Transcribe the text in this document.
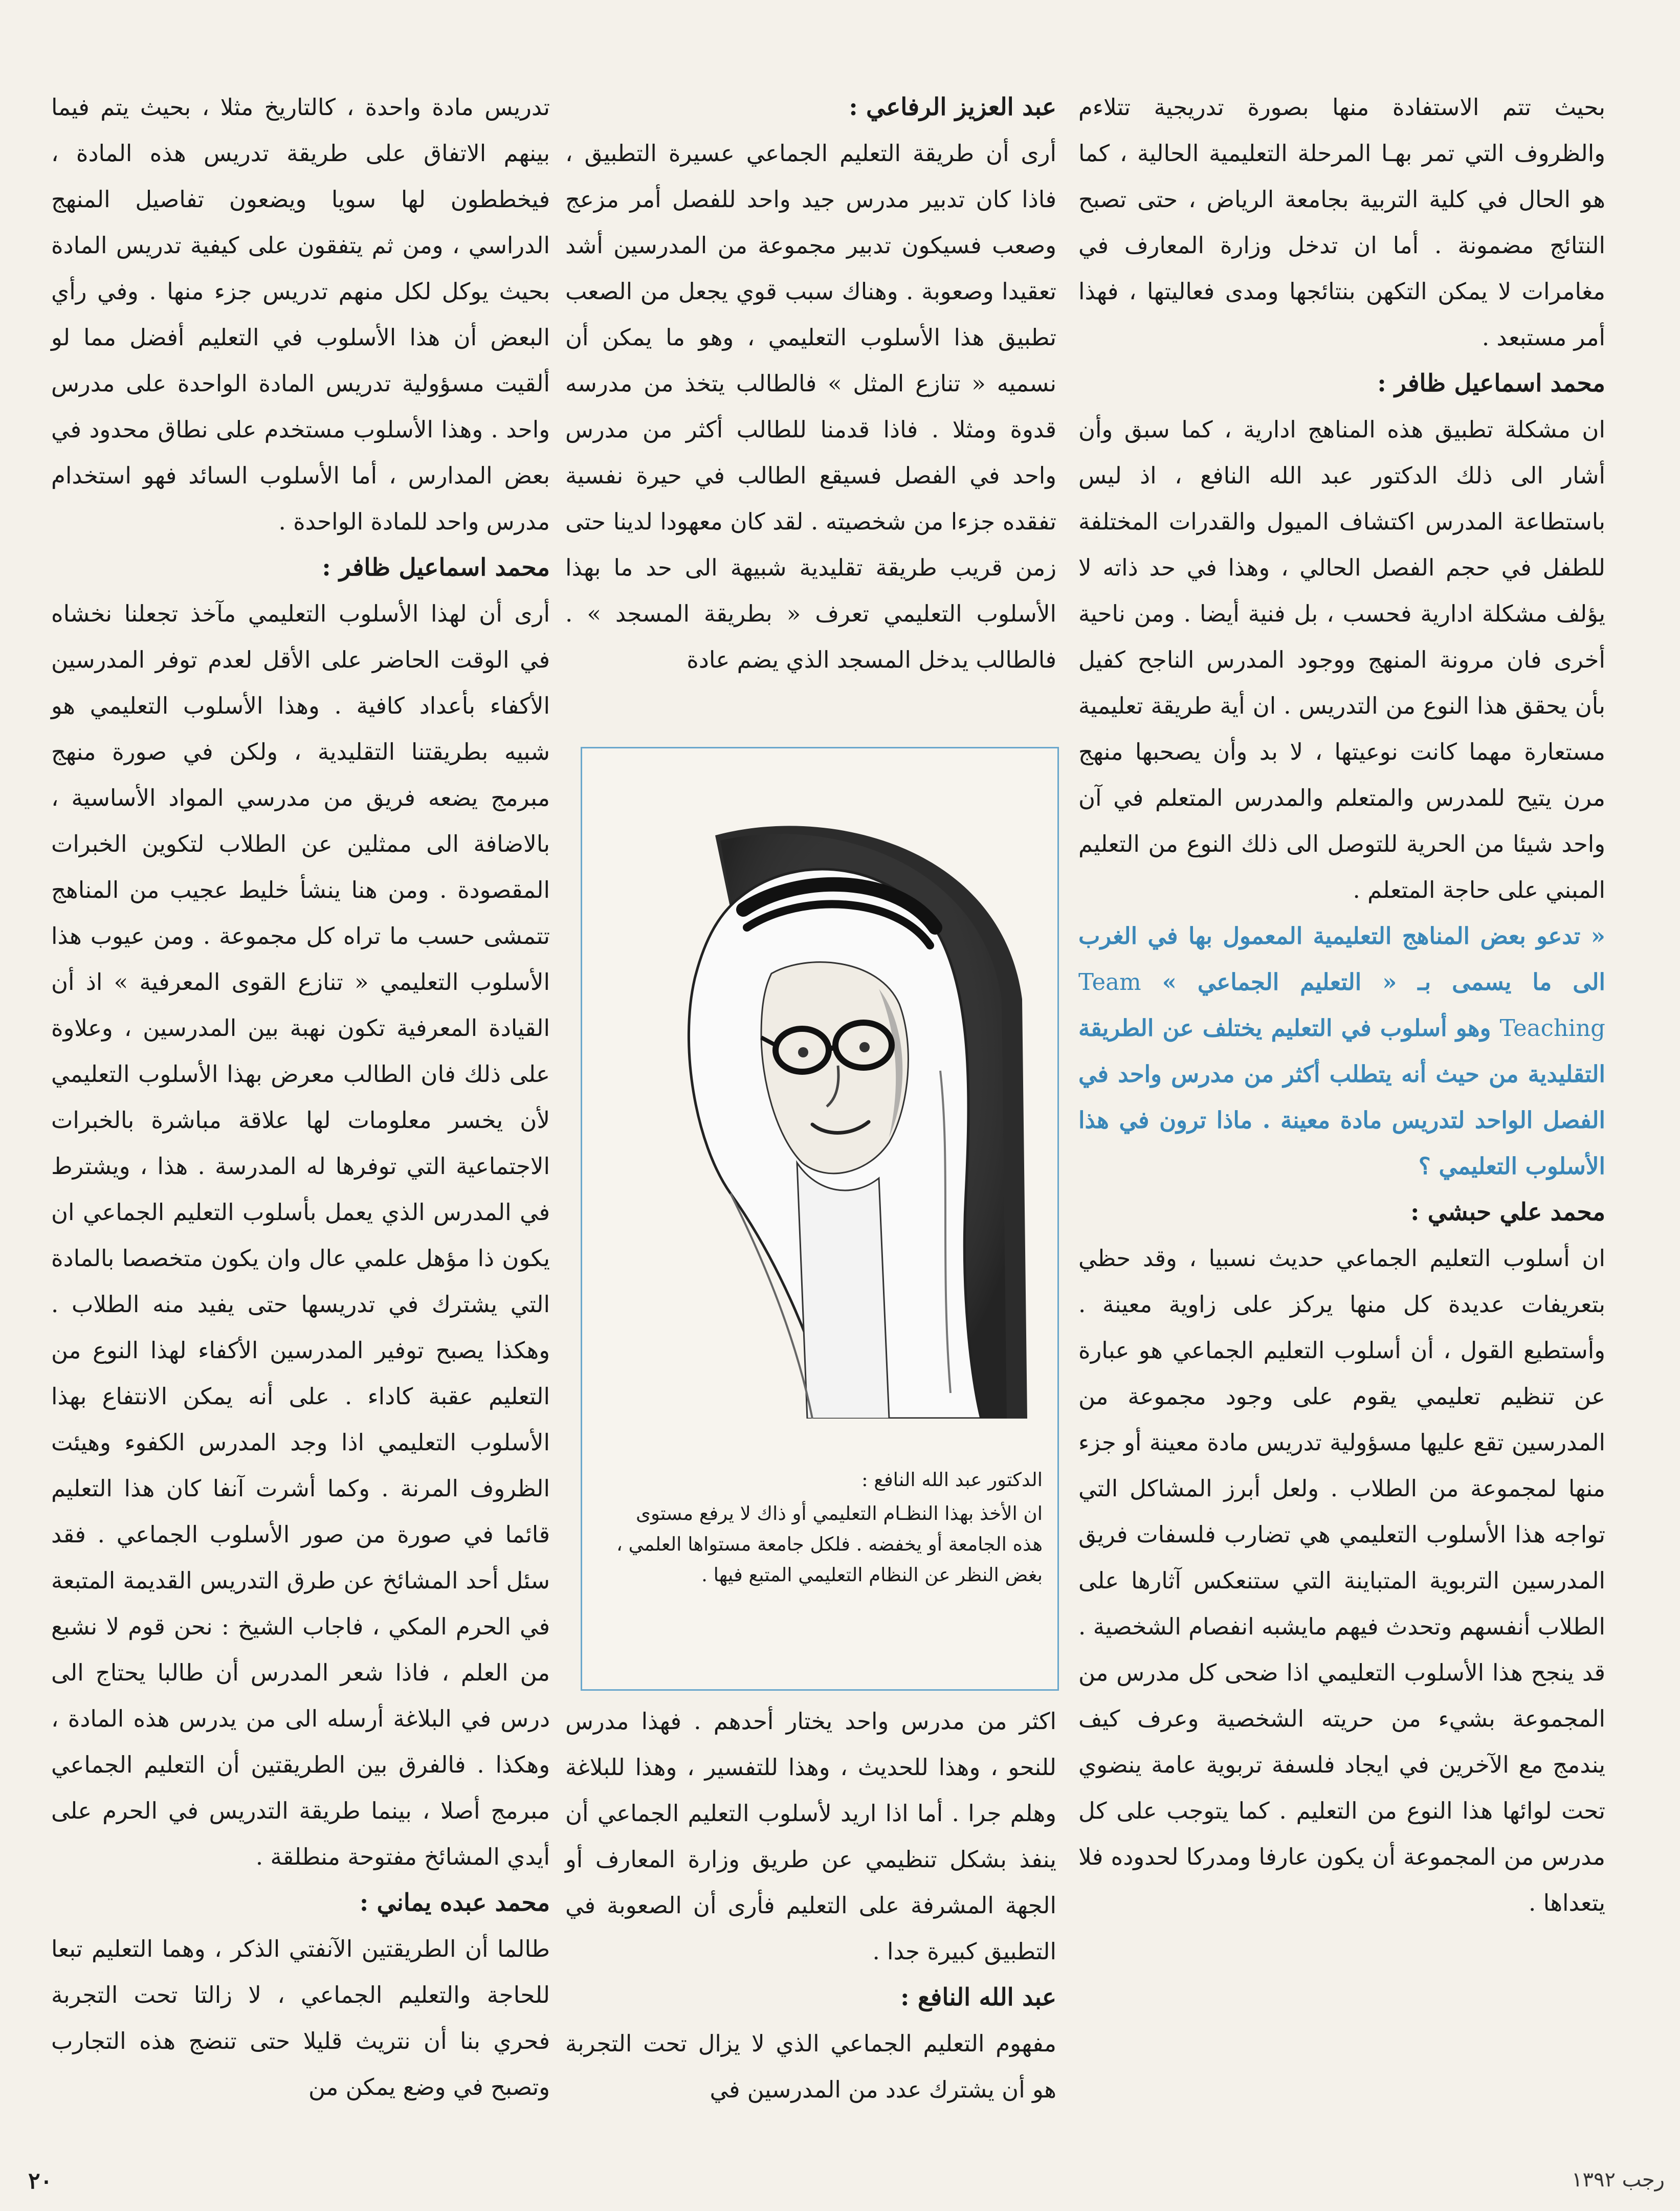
بحيث تتم الاستفادة منها بصورة تدريجية تتلاءم والظروف التي تمر بهـا المرحلة التعليمية الحالية ، كما هو الحال في كلية التربية بجامعة الرياض ، حتى تصبح النتائج مضمونة . أما ان تدخل وزارة المعارف في مغامرات لا يمكن التكهن بنتائجها ومدى فعاليتها ، فهذا أمر مستبعد .

محمد اسماعيل ظافر :

ان مشكلة تطبيق هذه المناهج ادارية ، كما سبق وأن أشار الى ذلك الدكتور عبد الله النافع ، اذ ليس باستطاعة المدرس اكتشاف الميول والقدرات المختلفة للطفل في حجم الفصل الحالي ، وهذا في حد ذاته لا يؤلف مشكلة ادارية فحسب ، بل فنية أيضا . ومن ناحية أخرى فان مرونة المنهج ووجود المدرس الناجح كفيل بأن يحقق هذا النوع من التدريس . ان أية طريقة تعليمية مستعارة مهما كانت نوعيتها ، لا بد وأن يصحبها منهج مرن يتيح للمدرس والمتعلم والمدرس المتعلم في آن واحد شيئا من الحرية للتوصل الى ذلك النوع من التعليم المبني على حاجة المتعلم .

« تدعو بعض المناهج التعليمية المعمول بها في الغرب الى ما يسمى بـ « التعليم الجماعي » Team Teaching وهو أسلوب في التعليم يختلف عن الطريقة التقليدية من حيث أنه يتطلب أكثر من مدرس واحد في الفصل الواحد لتدريس مادة معينة . ماذا ترون في هذا الأسلوب التعليمي ؟

محمد علي حبشي :

ان أسلوب التعليم الجماعي حديث نسبيا ، وقد حظي بتعريفات عديدة كل منها يركز على زاوية معينة . وأستطيع القول ، أن أسلوب التعليم الجماعي هو عبارة عن تنظيم تعليمي يقوم على وجود مجموعة من المدرسين تقع عليها مسؤولية تدريس مادة معينة أو جزء منها لمجموعة من الطلاب . ولعل أبرز المشاكل التي تواجه هذا الأسلوب التعليمي هي تضارب فلسفات فريق المدرسين التربوية المتباينة التي ستنعكس آثارها على الطلاب أنفسهم وتحدث فيهم مايشبه انفصام الشخصية . قد ينجح هذا الأسلوب التعليمي اذا ضحى كل مدرس من المجموعة بشيء من حريته الشخصية وعرف كيف يندمج مع الآخرين في ايجاد فلسفة تربوية عامة ينضوي تحت لوائها هذا النوع من التعليم . كما يتوجب على كل مدرس من المجموعة أن يكون عارفا ومدركا لحدوده فلا يتعداها .

عبد العزيز الرفاعي :

أرى أن طريقة التعليم الجماعي عسيرة التطبيق ، فاذا كان تدبير مدرس جيد واحد للفصل أمر مزعج وصعب فسيكون تدبير مجموعة من المدرسين أشد تعقيدا وصعوبة . وهناك سبب قوي يجعل من الصعب تطبيق هذا الأسلوب التعليمي ، وهو ما يمكن أن نسميه « تنازع المثل » فالطالب يتخذ من مدرسه قدوة ومثلا . فاذا قدمنا للطالب أكثر من مدرس واحد في الفصل فسيقع الطالب في حيرة نفسية تفقده جزءا من شخصيته . لقد كان معهودا لدينا حتى زمن قريب طريقة تقليدية شبيهة الى حد ما بهذا الأسلوب التعليمي تعرف « بطريقة المسجد » . فالطالب يدخل المسجد الذي يضم عادة

الدكتور عبد الله النافع :
ان الأخذ بهذا النظـام التعليمي أو ذاك لا يرفع مستوى هذه الجامعة أو يخفضه . فلكل جامعة مستواها العلمي ، بغض النظر عن النظام التعليمي المتبع فيها .

اكثر من مدرس واحد يختار أحدهم . فهذا مدرس للنحو ، وهذا للحديث ، وهذا للتفسير ، وهذا للبلاغة وهلم جرا . أما اذا اريد لأسلوب التعليم الجماعي أن ينفذ بشكل تنظيمي عن طريق وزارة المعارف أو الجهة المشرفة على التعليم فأرى أن الصعوبة في التطبيق كبيرة جدا .

عبد الله النافع :

مفهوم التعليم الجماعي الذي لا يزال تحت التجربة هو أن يشترك عدد من المدرسين في

تدريس مادة واحدة ، كالتاريخ مثلا ، بحيث يتم فيما بينهم الاتفاق على طريقة تدريس هذه المادة ، فيخططون لها سويا ويضعون تفاصيل المنهج الدراسي ، ومن ثم يتفقون على كيفية تدريس المادة بحيث يوكل لكل منهم تدريس جزء منها . وفي رأي البعض أن هذا الأسلوب في التعليم أفضل مما لو ألقيت مسؤولية تدريس المادة الواحدة على مدرس واحد . وهذا الأسلوب مستخدم على نطاق محدود في بعض المدارس ، أما الأسلوب السائد فهو استخدام مدرس واحد للمادة الواحدة .

محمد اسماعيل ظافر :

أرى أن لهذا الأسلوب التعليمي مآخذ تجعلنا نخشاه في الوقت الحاضر على الأقل لعدم توفر المدرسين الأكفاء بأعداد كافية . وهذا الأسلوب التعليمي هو شبيه بطريقتنا التقليدية ، ولكن في صورة منهج مبرمج يضعه فريق من مدرسي المواد الأساسية ، بالاضافة الى ممثلين عن الطلاب لتكوين الخبرات المقصودة . ومن هنا ينشأ خليط عجيب من المناهج تتمشى حسب ما تراه كل مجموعة . ومن عيوب هذا الأسلوب التعليمي « تنازع القوى المعرفية » اذ أن القيادة المعرفية تكون نهبة بين المدرسين ، وعلاوة على ذلك فان الطالب معرض بهذا الأسلوب التعليمي لأن يخسر معلومات لها علاقة مباشرة بالخبرات الاجتماعية التي توفرها له المدرسة . هذا ، ويشترط في المدرس الذي يعمل بأسلوب التعليم الجماعي ان يكون ذا مؤهل علمي عال وان يكون متخصصا بالمادة التي يشترك في تدريسها حتى يفيد منه الطلاب . وهكذا يصبح توفير المدرسين الأكفاء لهذا النوع من التعليم عقبة كاداء . على أنه يمكن الانتفاع بهذا الأسلوب التعليمي اذا وجد المدرس الكفوء وهيئت الظروف المرنة . وكما أشرت آنفا كان هذا التعليم قائما في صورة من صور الأسلوب الجماعي . فقد سئل أحد المشائخ عن طرق التدريس القديمة المتبعة في الحرم المكي ، فاجاب الشيخ : نحن قوم لا نشبع من العلم ، فاذا شعر المدرس أن طالبا يحتاج الى درس في البلاغة أرسله الى من يدرس هذه المادة ، وهكذا . فالفرق بين الطريقتين أن التعليم الجماعي مبرمج أصلا ، بينما طريقة التدريس في الحرم على أيدي المشائخ مفتوحة منطلقة .

محمد عبده يماني :

طالما أن الطريقتين الآنفتي الذكر ، وهما التعليم تبعا للحاجة والتعليم الجماعي ، لا زالتا تحت التجربة فحري بنا أن نتريث قليلا حتى تنضج هذه التجارب وتصبح في وضع يمكن من

٢٠	رجب ١٣٩٢
